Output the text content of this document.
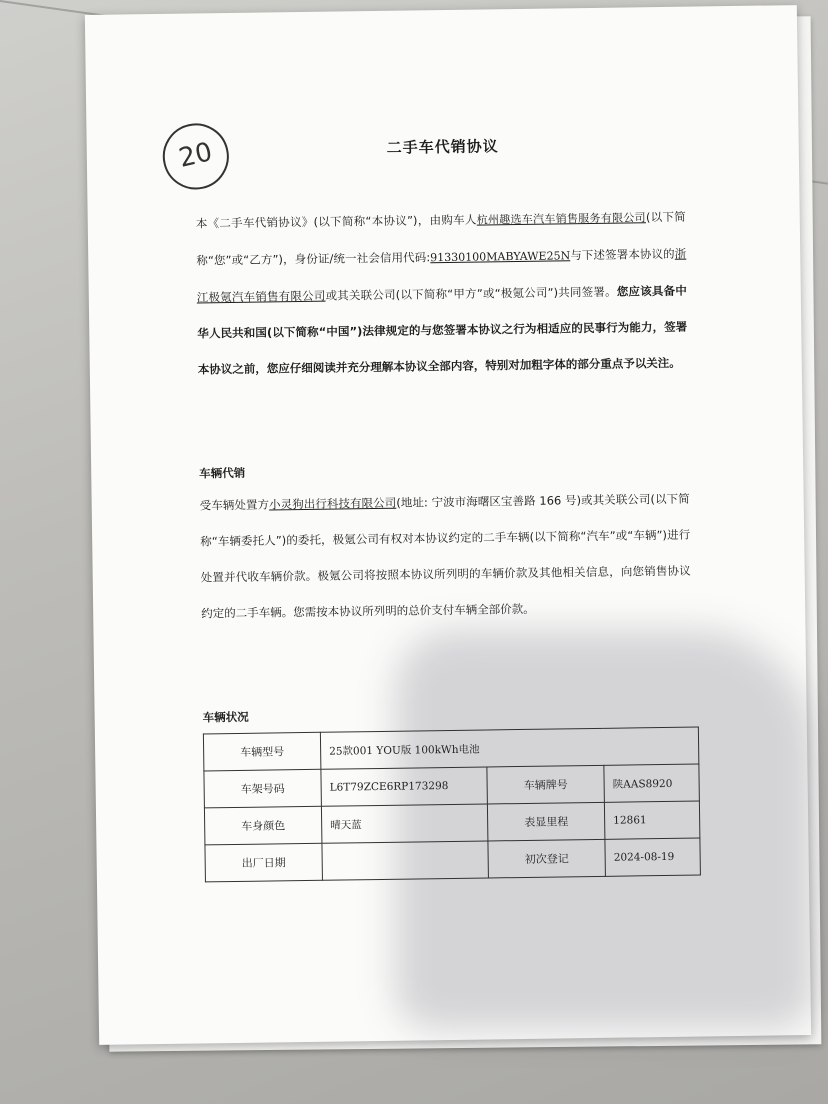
20	二手车代销协议
本《二手车代销协议》(以下简称“本协议”)，由购车人杭州趣选车汽车销售服务有限公司(以下简称“您”或“乙方”)，身份证/统一社会信用代码:91330100MABYAWE25N与下述签署本协议的浙江极氪汽车销售有限公司或其关联公司(以下简称“甲方”或“极氪公司”)共同签署。您应该具备中华人民共和国(以下简称“中国”)法律规定的与您签署本协议之行为相适应的民事行为能力，签署本协议之前，您应仔细阅读并充分理解本协议全部内容，特别对加粗字体的部分重点予以关注。
车辆代销
受车辆处置方小灵狗出行科技有限公司(地址: 宁波市海曙区宝善路 166 号)或其关联公司(以下简称“车辆委托人”)的委托，极氪公司有权对本协议约定的二手车辆(以下简称“汽车”或“车辆”)进行处置并代收车辆价款。极氪公司将按照本协议所列明的车辆价款及其他相关信息，向您销售协议约定的二手车辆。您需按本协议所列明的总价支付车辆全部价款。
车辆状况
车辆型号	25款001 YOU版 100kWh电池		
车架号码	L6T79ZCE6RP173298	车辆牌号	陕AAS8920
车身颜色	晴天蓝	表显里程	12861
出厂日期		初次登记	2024-08-19
